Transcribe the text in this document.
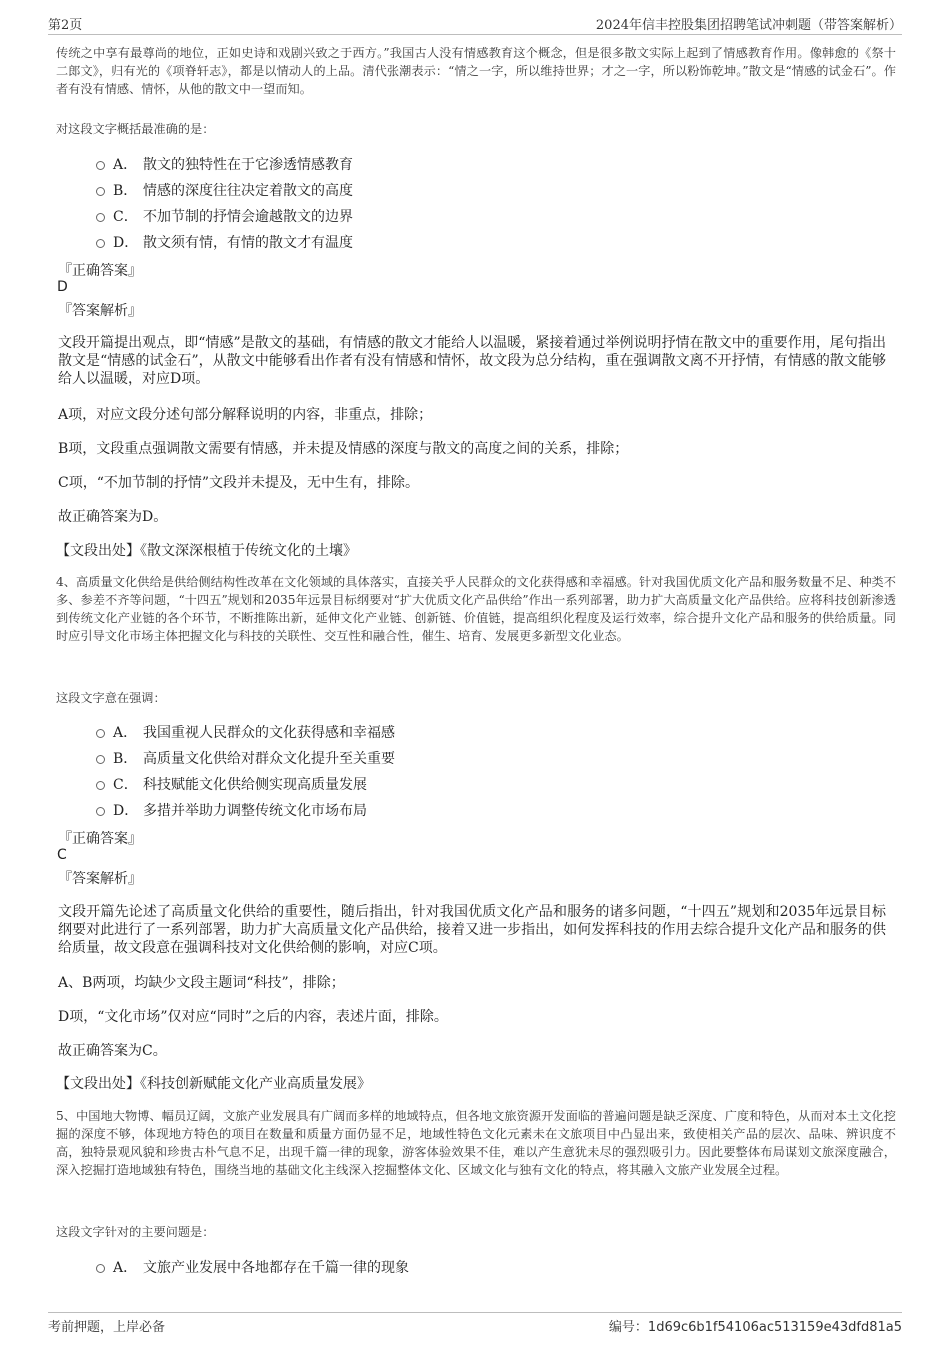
第2页	2024年信丰控股集团招聘笔试冲刺题（带答案解析）
传统之中享有最尊尚的地位，正如史诗和戏剧兴致之于西方。”我国古人没有情感教育这个概念，但是很多散文实际上起到了情感教育作用。像韩愈的《祭十二郎文》，归有光的《项脊轩志》，都是以情动人的上品。清代张潮表示：“情之一字，所以维持世界；才之一字，所以粉饰乾坤。”散文是“情感的试金石”。作者有没有情感、情怀，从他的散文中一望而知。
对这段文字概括最准确的是：
A． 散文的独特性在于它渗透情感教育
B． 情感的深度往往决定着散文的高度
C． 不加节制的抒情会逾越散文的边界
D． 散文须有情，有情的散文才有温度
『正确答案』
D
『答案解析』
文段开篇提出观点，即“情感”是散文的基础，有情感的散文才能给人以温暖，紧接着通过举例说明抒情在散文中的重要作用，尾句指出散文是“情感的试金石”，从散文中能够看出作者有没有情感和情怀，故文段为总分结构，重在强调散文离不开抒情，有情感的散文能够给人以温暖，对应D项。
A项，对应文段分述句部分解释说明的内容，非重点，排除；
B项，文段重点强调散文需要有情感，并未提及情感的深度与散文的高度之间的关系，排除；
C项，“不加节制的抒情”文段并未提及，无中生有，排除。
故正确答案为D。
【文段出处】《散文深深根植于传统文化的土壤》
4、高质量文化供给是供给侧结构性改革在文化领域的具体落实，直接关乎人民群众的文化获得感和幸福感。针对我国优质文化产品和服务数量不足、种类不多、参差不齐等问题，“十四五”规划和2035年远景目标纲要对“扩大优质文化产品供给”作出一系列部署，助力扩大高质量文化产品供给。应将科技创新渗透到传统文化产业链的各个环节，不断推陈出新，延伸文化产业链、创新链、价值链，提高组织化程度及运行效率，综合提升文化产品和服务的供给质量。同时应引导文化市场主体把握文化与科技的关联性、交互性和融合性，催生、培育、发展更多新型文化业态。
这段文字意在强调：
A． 我国重视人民群众的文化获得感和幸福感
B． 高质量文化供给对群众文化提升至关重要
C． 科技赋能文化供给侧实现高质量发展
D． 多措并举助力调整传统文化市场布局
『正确答案』
C
『答案解析』
文段开篇先论述了高质量文化供给的重要性，随后指出，针对我国优质文化产品和服务的诸多问题，“十四五”规划和2035年远景目标纲要对此进行了一系列部署，助力扩大高质量文化产品供给，接着又进一步指出，如何发挥科技的作用去综合提升文化产品和服务的供给质量，故文段意在强调科技对文化供给侧的影响，对应C项。
A、B两项，均缺少文段主题词“科技”，排除；
D项，“文化市场”仅对应“同时”之后的内容，表述片面，排除。
故正确答案为C。
【文段出处】《科技创新赋能文化产业高质量发展》
5、中国地大物博、幅员辽阔，文旅产业发展具有广阔而多样的地域特点，但各地文旅资源开发面临的普遍问题是缺乏深度、广度和特色，从而对本土文化挖掘的深度不够，体现地方特色的项目在数量和质量方面仍显不足，地域性特色文化元素未在文旅项目中凸显出来，致使相关产品的层次、品味、辨识度不高，独特景观风貌和珍贵古朴气息不足，出现千篇一律的现象，游客体验效果不佳，难以产生意犹未尽的强烈吸引力。因此要整体布局谋划文旅深度融合，深入挖掘打造地域独有特色，围绕当地的基础文化主线深入挖掘整体文化、区域文化与独有文化的特点，将其融入文旅产业发展全过程。
这段文字针对的主要问题是：
A． 文旅产业发展中各地都存在千篇一律的现象
考前押题，上岸必备	编号：1d69c6b1f54106ac513159e43dfd81a5
